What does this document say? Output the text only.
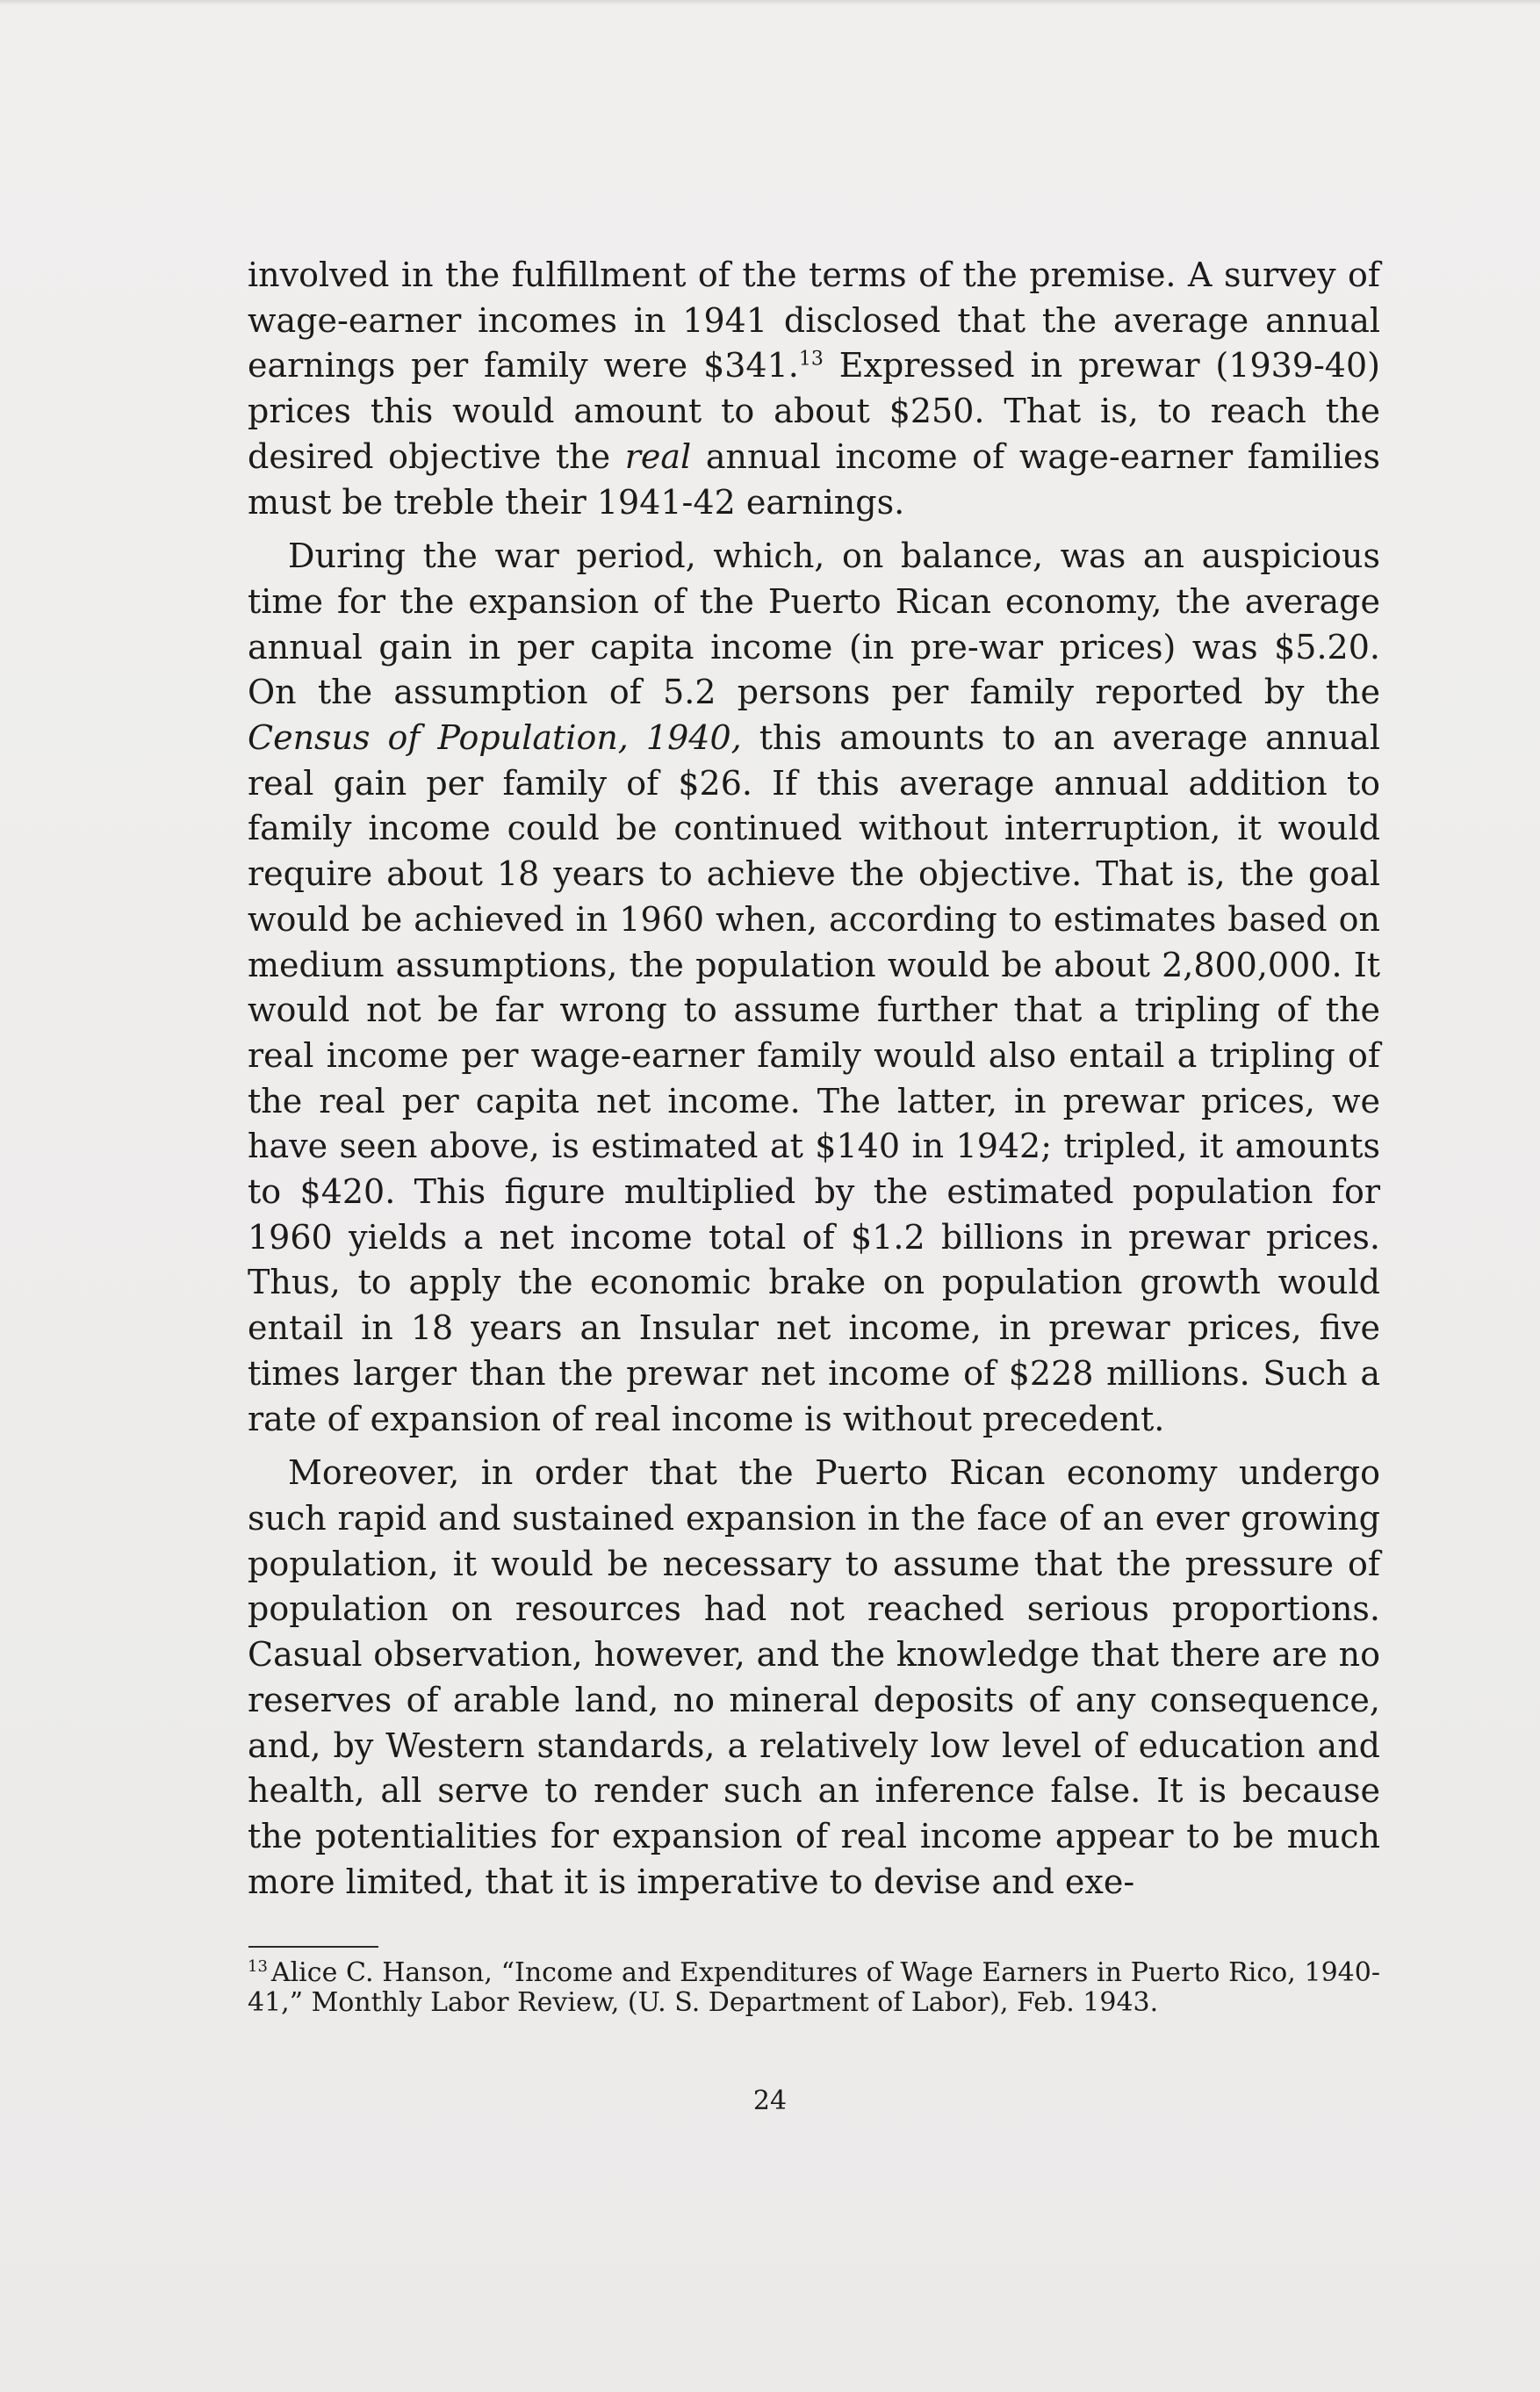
involved in the fulfillment of the terms of the premise. A survey of wage-earner incomes in 1941 disclosed that the average annual earnings per family were $341.13 Expressed in prewar (1939-40) prices this would amount to about $250. That is, to reach the desired objective the real annual income of wage-earner families must be treble their 1941-42 earnings.

During the war period, which, on balance, was an auspicious time for the expansion of the Puerto Rican economy, the average annual gain in per capita income (in pre-war prices) was $5.20. On the assumption of 5.2 persons per family reported by the Census of Population, 1940, this amounts to an average annual real gain per family of $26. If this average annual addition to family income could be continued without interruption, it would require about 18 years to achieve the objective. That is, the goal would be achieved in 1960 when, according to estimates based on medium assumptions, the population would be about 2,800,000. It would not be far wrong to assume further that a tripling of the real income per wage-earner family would also entail a tripling of the real per capita net income. The latter, in prewar prices, we have seen above, is estimated at $140 in 1942; tripled, it amounts to $420. This figure multiplied by the estimated population for 1960 yields a net income total of $1.2 billions in prewar prices. Thus, to apply the economic brake on population growth would entail in 18 years an Insular net income, in prewar prices, five times larger than the prewar net income of $228 millions. Such a rate of expansion of real income is without precedent.

Moreover, in order that the Puerto Rican economy undergo such rapid and sustained expansion in the face of an ever growing population, it would be necessary to assume that the pressure of population on resources had not reached serious proportions. Casual observation, however, and the knowledge that there are no reserves of arable land, no mineral deposits of any consequence, and, by Western standards, a relatively low level of education and health, all serve to render such an inference false. It is because the potentialities for expansion of real income appear to be much more limited, that it is imperative to devise and exe-

$^{13}$ Alice C. Hanson, “Income and Expenditures of Wage Earners in Puerto Rico, 1940-41,” Monthly Labor Review, (U. S. Department of Labor), Feb. 1943.

24
